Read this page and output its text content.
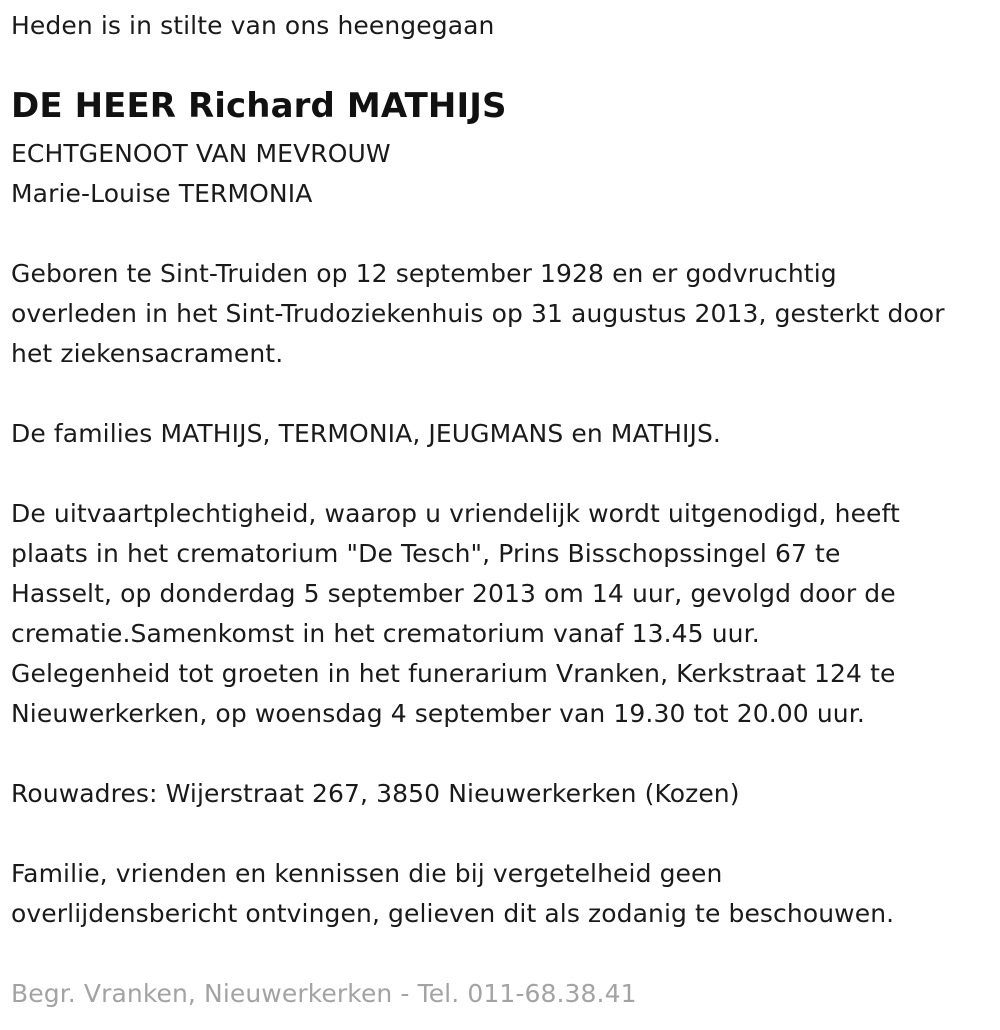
Heden is in stilte van ons heengegaan
DE HEER Richard MATHIJS
ECHTGENOOT VAN MEVROUW
Marie-Louise TERMONIA
Geboren te Sint-Truiden op 12 september 1928 en er godvruchtig
overleden in het Sint-Trudoziekenhuis op 31 augustus 2013, gesterkt door
het ziekensacrament.
De families MATHIJS, TERMONIA, JEUGMANS en MATHIJS.
De uitvaartplechtigheid, waarop u vriendelijk wordt uitgenodigd, heeft
plaats in het crematorium "De Tesch", Prins Bisschopssingel 67 te
Hasselt, op donderdag 5 september 2013 om 14 uur, gevolgd door de
crematie.Samenkomst in het crematorium vanaf 13.45 uur.
Gelegenheid tot groeten in het funerarium Vranken, Kerkstraat 124 te
Nieuwerkerken, op woensdag 4 september van 19.30 tot 20.00 uur.
Rouwadres: Wijerstraat 267, 3850 Nieuwerkerken (Kozen)
Familie, vrienden en kennissen die bij vergetelheid geen
overlijdensbericht ontvingen, gelieven dit als zodanig te beschouwen.
Begr. Vranken, Nieuwerkerken - Tel. 011-68.38.41
